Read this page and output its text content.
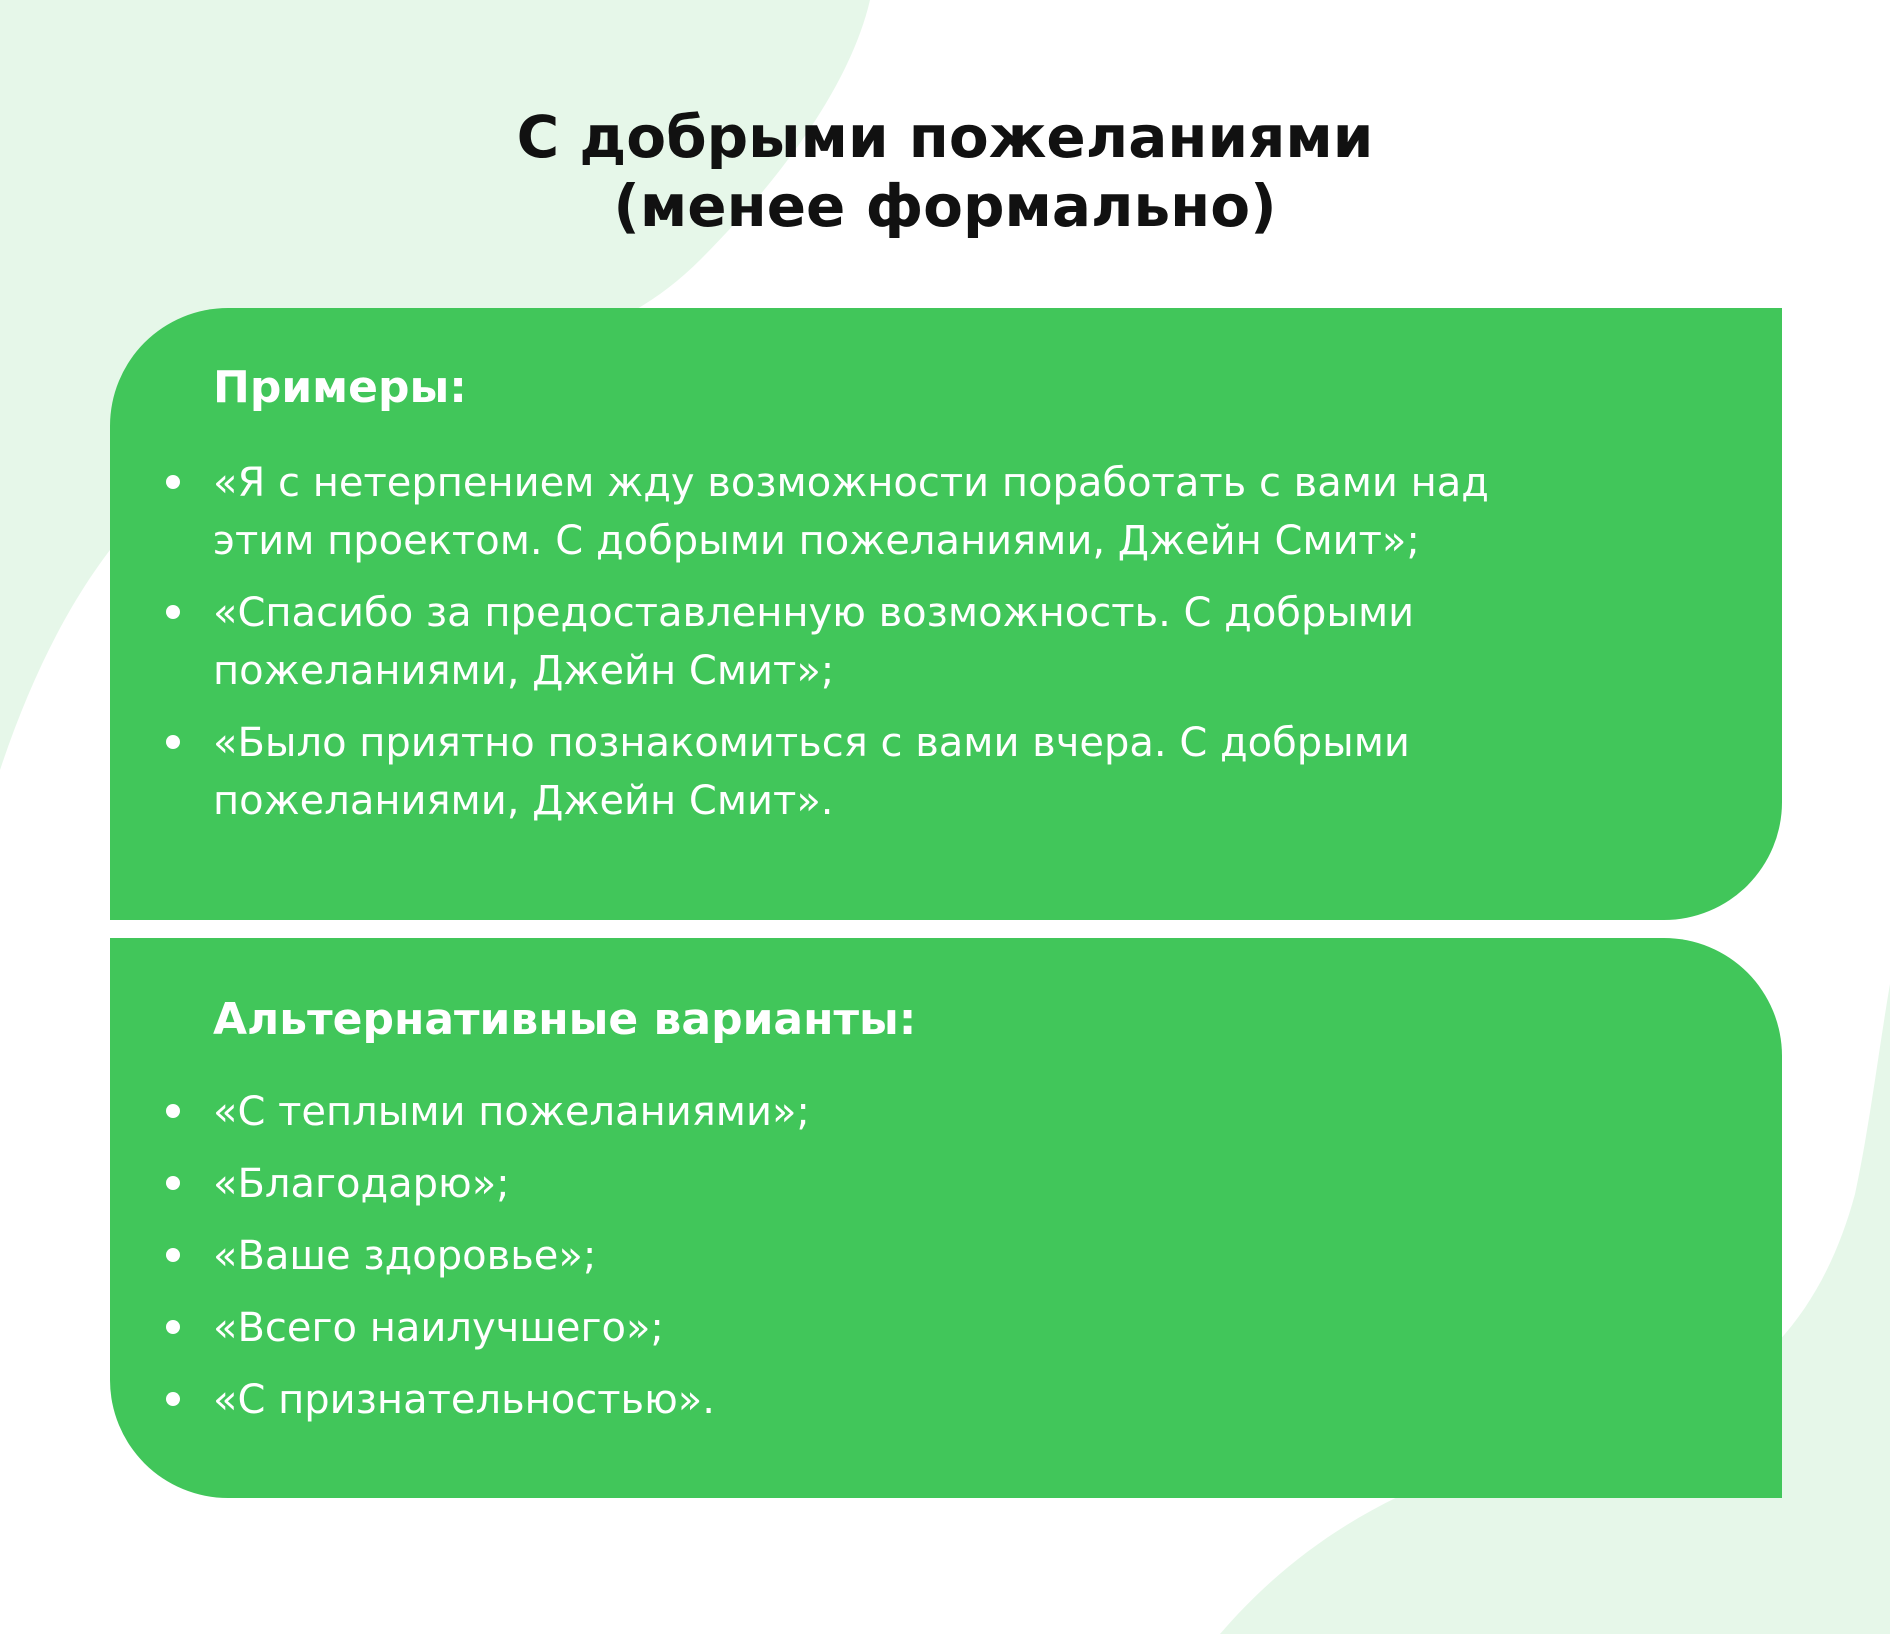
С добрыми пожеланиями
(менее формально)
Примеры:
«Я с нетерпением жду возможности поработать с вами над этим проектом. С добрыми пожеланиями, Джейн Смит»;
«Спасибо за предоставленную возможность. С добрыми пожеланиями, Джейн Смит»;
«Было приятно познакомиться с вами вчера. С добрыми пожеланиями, Джейн Смит».
Альтернативные варианты:
«С теплыми пожеланиями»;
«Благодарю»;
«Ваше здоровье»;
«Всего наилучшего»;
«С признательностью».
